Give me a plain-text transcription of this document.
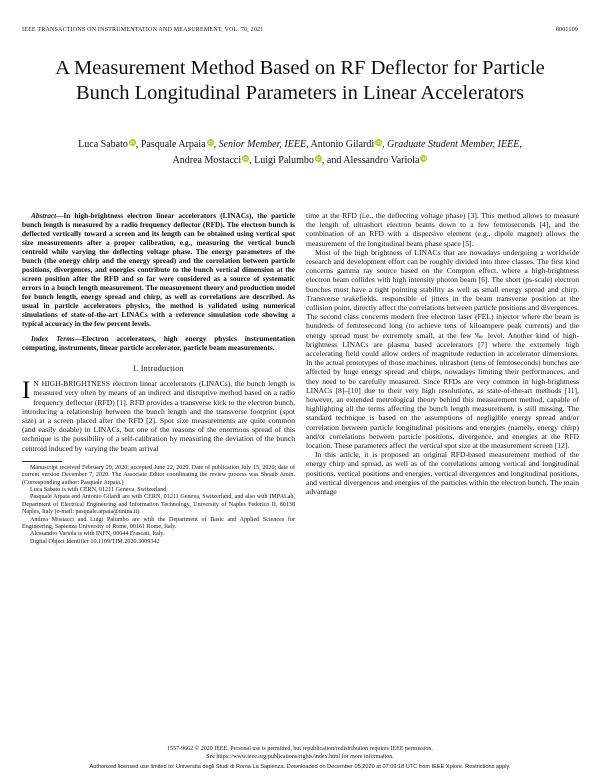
IEEE TRANSACTIONS ON INSTRUMENTATION AND MEASUREMENT, VOL. 70, 2021	8001109
A Measurement Method Based on RF Deflector for Particle Bunch Longitudinal Parameters in Linear Accelerators
Luca Sabato iD, Pasquale Arpaia iD, Senior Member, IEEE, Antonio Gilardi iD, Graduate Student Member, IEEE,
Andrea Mostacci iD, Luigi Palumbo iD, and Alessandro Variola iD

Abstract—In high-brightness electron linear accelerators (LINACs), the particle bunch length is measured by a radio frequency deflector (RFD). The electron bunch is deflected vertically toward a screen and its length can be obtained using vertical spot size measurements after a proper calibration, e.g., measuring the vertical bunch centroid while varying the deflecting voltage phase. The energy parameters of the bunch (the energy chirp and the energy spread) and the correlation between particle positions, divergences, and energies contribute to the bunch vertical dimension at the screen position after the RFD and so far were considered as a source of systematic errors in a bunch length measurement. The measurement theory and production model for bunch length, energy spread and chirp, as well as correlations are described. As usual in particle accelerators physics, the method is validated using numerical simulations of state-of-the-art LINACs with a reference simulation code showing a typical accuracy in the few percent levels.

Index Terms—Electron accelerators, high energy physics instrumentation computing, instruments, linear particle accelerator, particle beam measurements.

I. Introduction

I N HIGH-BRIGHTNESS electron linear accelerators (LINACs), the bunch length is measured very often by means of an indirect and disruptive method based on a radio frequency deflector (RFD) [1]. RFD provides a transverse kick to the electron bunch, introducing a relationship between the bunch length and the transverse footprint (spot size) at a screen placed after the RFD [2]. Spot size measurements are quite common (and easily doable) in LINACs, but one of the reasons of the enormous spread of this technique is the possibility of a self-calibration by measuring the deviation of the bunch centroid induced by varying the beam arrival

Manuscript received February 29, 2020; accepted June 22, 2020. Date of publication July 15, 2020; date of current version December 7, 2020. The Associate Editor coordinating the review process was Shoaib Amin. (Corresponding author: Pasquale Arpaia.)

Luca Sabato is with CERN, 01211 Geneva, Switzerland.

Pasquale Arpaia and Antonio Gilardi are with CERN, 01211 Geneva, Switzerland, and also with IMPALab, Department of Electrical Engineering and Information Technology, University of Naples Federico II, 80138 Naples, Italy (e-mail: pasquale.arpaia@unina.it).

Andrea Mostacci and Luigi Palumbo are with the Department of Basic and Applied Sciences for Engineering, Sapienza University of Rome, 00161 Rome, Italy.

Alessandro Variola is with INFN, 00044 Frascati, Italy.

Digital Object Identifier 10.1109/TIM.2020.3009342

time at the RFD (i.e., the deflecting voltage phase) [3]. This method allows to measure the length of ultrashort electron beams down to a few femtoseconds [4], and the combination of an RFD with a dispersive element (e.g., dipole magnet) allows the measurement of the longitudinal beam phase space [5].

Most of the high brightness of LINACs that are nowadays undergoing a worldwide research and development effort can be roughly divided into three classes. The first kind concerns gamma ray source based on the Compton effect, where a high-brightness electron beam collides with high intensity photon beam [6]. The short (ps-scale) electron bunches must have a tight pointing stability as well as small energy spread and chirp. Transverse wakefields, responsible of jitters in the beam transverse position at the collision point, directly affect the correlations between particle positions and divergences. The second class concerns modern free electron laser (FEL) injector where the beam is hundreds of femtosecond long (to achieve tens of kiloampere peak currents) and the energy spread must be extremely small, at the few ‰ level. Another kind of high-brightness LINACs are plasma based accelerators [7] where the extremely high accelerating field could allow orders of magnitude reduction in accelerator dimensions. In the actual prototypes of those machines, ultrashort (tens of femtoseconds) bunches are affected by huge energy spread and chirps, nowadays limiting their performances, and they need to be carefully measured. Since RFDs are very common in high-brightness LINACs [8]–[10] due to their very high resolutions, as state-of-the-art methods [11], however, an extended metrological theory behind this measurement method, capable of highlighting all the terms affecting the bunch length measurement, is still missing. The standard technique is based on the assumptions of negligible energy spread and/or correlation between particle longitudinal positions and energies (namely, energy chirp) and/or correlations between particle positions, divergence, and energies at the RFD location. These parameters affect the vertical spot size at the measurement screen [12].

In this article, it is proposed an original RFD-based measurement method of the energy chirp and spread, as well as of the correlations among vertical and longitudinal positions, vertical positions and energies, vertical divergences and longitudinal positions, and vertical divergences and energies of the particles within the electron bunch. The main advantage

1557-9662 © 2020 IEEE. Personal use is permitted, but republication/redistribution requires IEEE permission.
See https://www.ieee.org/publications/rights/index.html for more information.
Authorized licensed use limited to: Universita degli Studi di Roma La Sapienza. Downloaded on December 05,2020 at 07:09:18 UTC from IEEE Xplore. Restrictions apply.
